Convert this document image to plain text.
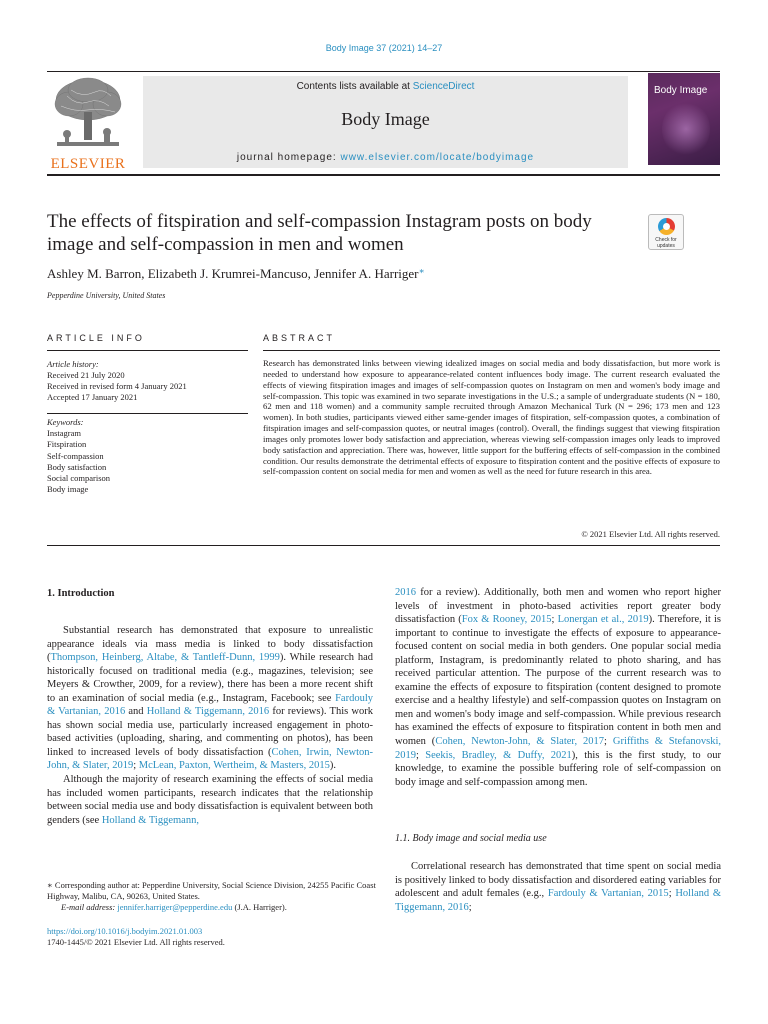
Body Image 37 (2021) 14–27
ELSEVIER
Contents lists available at ScienceDirect
Body Image
journal homepage: www.elsevier.com/locate/bodyimage
Body Image
The effects of fitspiration and self-compassion Instagram posts on body image and self-compassion in men and women	Check for
updates
Ashley M. Barron, Elizabeth J. Krumrei-Mancuso, Jennifer A. Harriger∗
Pepperdine University, United States
ARTICLE INFO	ABSTRACT
Article history:
Received 21 July 2020
Received in revised form 4 January 2021
Accepted 17 January 2021
Keywords:
Instagram
Fitspiration
Self-compassion
Body satisfaction
Social comparison
Body image
Research has demonstrated links between viewing idealized images on social media and body dissatisfaction, but more work is needed to understand how exposure to appearance-related content influences body image. The current research evaluated the effects of viewing fitspiration images and images of self-compassion quotes on Instagram on men and women's body image and self-compassion. This topic was examined in two separate investigations in the U.S.; a sample of undergraduate students (N = 180, 62 men and 118 women) and a community sample recruited through Amazon Mechanical Turk (N = 296; 173 men and 123 women). In both studies, participants viewed either same-gender images of fitspiration, self-compassion quotes, a combination of fitspiration images and self-compassion quotes, or neutral images (control). Overall, the findings suggest that viewing fitspiration images only promotes lower body satisfaction and appreciation, whereas viewing self-compassion images only leads to improved body satisfaction and appreciation. There was, however, little support for the buffering effects of self-compassion in the combined condition. Our results demonstrate the detrimental effects of exposure to fitspiration content and the positive effects of exposure to self-compassion content on social media for men and women as well as the need for future research in this area.
© 2021 Elsevier Ltd. All rights reserved.
1. Introduction

Substantial research has demonstrated that exposure to unrealistic appearance ideals via mass media is linked to body dissatisfaction (Thompson, Heinberg, Altabe, & Tantleff-Dunn, 1999). While research had historically focused on traditional media (e.g., magazines, television; see Meyers & Crowther, 2009, for a review), there has been a more recent shift to an examination of social media (e.g., Instagram, Facebook; see Fardouly & Vartanian, 2016 and Holland & Tiggemann, 2016 for reviews). This work has shown social media use, particularly increased engagement in photo-based activities (uploading, sharing, and commenting on photos), has been linked to increased levels of body dissatisfaction (Cohen, Irwin, Newton-John, & Slater, 2019; McLean, Paxton, Wertheim, & Masters, 2015).

Although the majority of research examining the effects of social media has included women participants, research indicates that the relationship between social media use and body dissatisfaction is equivalent between both genders (see Holland & Tiggemann,

2016 for a review). Additionally, both men and women who report higher levels of investment in photo-based activities report greater body dissatisfaction (Fox & Rooney, 2015; Lonergan et al., 2019). Therefore, it is important to continue to investigate the effects of exposure to appearance-focused content on social media in both genders. One popular social media platform, Instagram, is predominantly related to photo sharing, and has received particular attention. The purpose of the current research was to examine the effects of exposure to fitspiration (content designed to promote exercise and a healthy lifestyle) and self-compassion quotes on Instagram on men and women's body image and self-compassion. While previous research has examined the effects of exposure to fitspiration content in both men and women (Cohen, Newton-John, & Slater, 2017; Griffiths & Stefanovski, 2019; Seekis, Bradley, & Duffy, 2021), this is the first study, to our knowledge, to examine the possible buffering role of self-compassion on body image and self-compassion among men.

1.1. Body image and social media use

Correlational research has demonstrated that time spent on social media is positively linked to body dissatisfaction and disordered eating variables for adolescent and adult females (e.g., Fardouly & Vartanian, 2015; Holland & Tiggemann, 2016;

∗ Corresponding author at: Pepperdine University, Social Science Division, 24255 Pacific Coast Highway, Malibu, CA, 90263, United States.
E-mail address: jennifer.harriger@pepperdine.edu (J.A. Harriger).
https://doi.org/10.1016/j.bodyim.2021.01.003
1740-1445/© 2021 Elsevier Ltd. All rights reserved.
